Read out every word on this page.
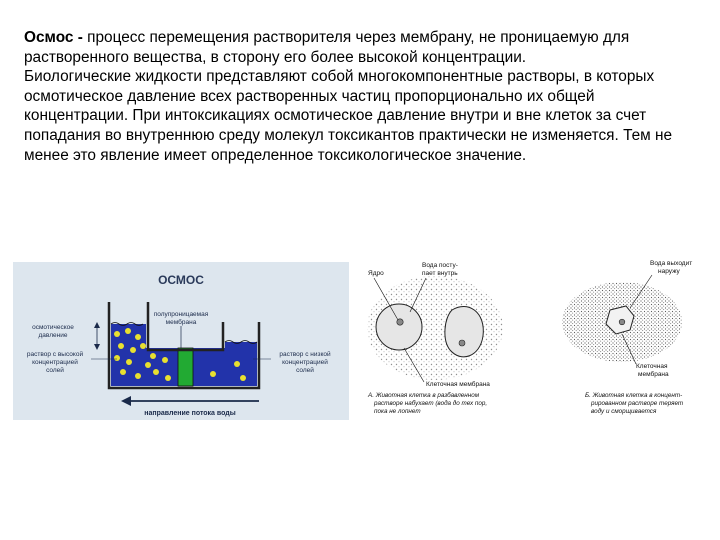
Осмос - процесс перемещения растворителя через мембрану, не проницаемую для растворенного вещества, в сторону его более высокой концентрации.

Биологические жидкости представляют собой многокомпонентные растворы, в которых осмотическое давление всех растворенных частиц пропорционально их общей концентрации. При интоксикациях осмотическое давление внутри и вне клеток за счет попадания во внутреннюю среду молекул токсикантов практически не изменяется. Тем не менее это явление имеет определенное токсикологическое значение.

ОСМОС
полупроницаемая
мембрана
осмотическое
давление
раствор с высокой
концентрацией
солей
раствор с низкой
концентрацией
солей
направление потока воды
Ядро
Вода посту-
пает внутрь
Клеточная мембрана
А. Животная клетка в разбавленном
растворе набухает (вода до тех пор,
пока не лопнет
Вода выходит
наружу
Клеточная
мембрана
Б. Животная клетка в концент-
рированном растворе теряет
воду и сморщивается
